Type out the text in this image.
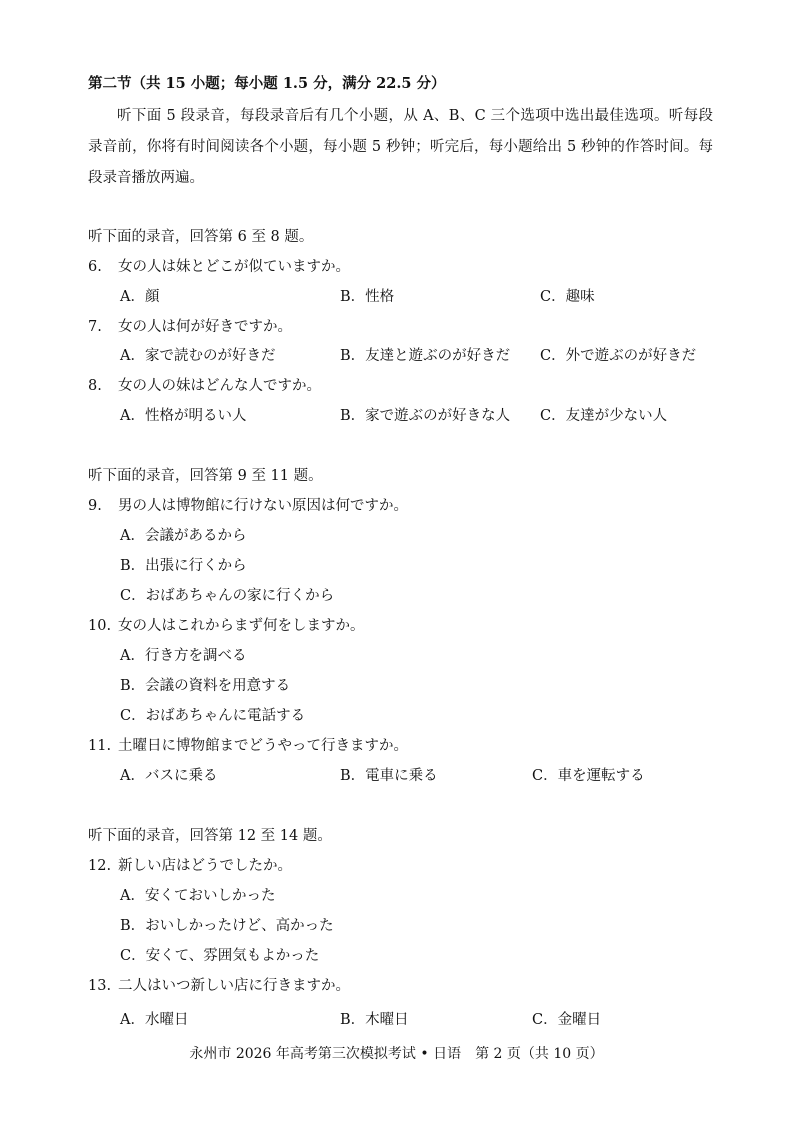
第二节（共 15 小题；每小题 1.5 分，满分 22.5 分）
听下面 5 段录音，每段录音后有几个小题，从 A、B、C 三个选项中选出最佳选项。听每段录音前，你将有时间阅读各个小题，每小题 5 秒钟；听完后，每小题给出 5 秒钟的作答时间。每段录音播放两遍。
听下面的录音，回答第 6 至 8 题。
6. 女の人は妹とどこが似ていますか。
A．顔	B．性格	C．趣味
7. 女の人は何が好きですか。
A．家で読むのが好きだ	B．友達と遊ぶのが好きだ C．外で遊ぶのが好きだ
8. 女の人の妹はどんな人ですか。
A．性格が明るい人	B．家で遊ぶのが好きな人 C．友達が少ない人
听下面的录音，回答第 9 至 11 题。
9. 男の人は博物館に行けない原因は何ですか。
A．会議があるから
B．出張に行くから
C．おばあちゃんの家に行くから
10. 女の人はこれからまず何をしますか。
A．行き方を調べる
B．会議の資料を用意する
C．おばあちゃんに電話する
11. 土曜日に博物館までどうやって行きますか。
A．バスに乗る	B．電車に乗る	C．車を運転する
听下面的录音，回答第 12 至 14 题。
12. 新しい店はどうでしたか。
A．安くておいしかった
B．おいしかったけど、高かった
C．安くて、雰囲気もよかった
13. 二人はいつ新しい店に行きますか。
A．水曜日	B．木曜日	C．金曜日
永州市 2026 年高考第三次模拟考试 • 日语　第 2 页（共 10 页）
